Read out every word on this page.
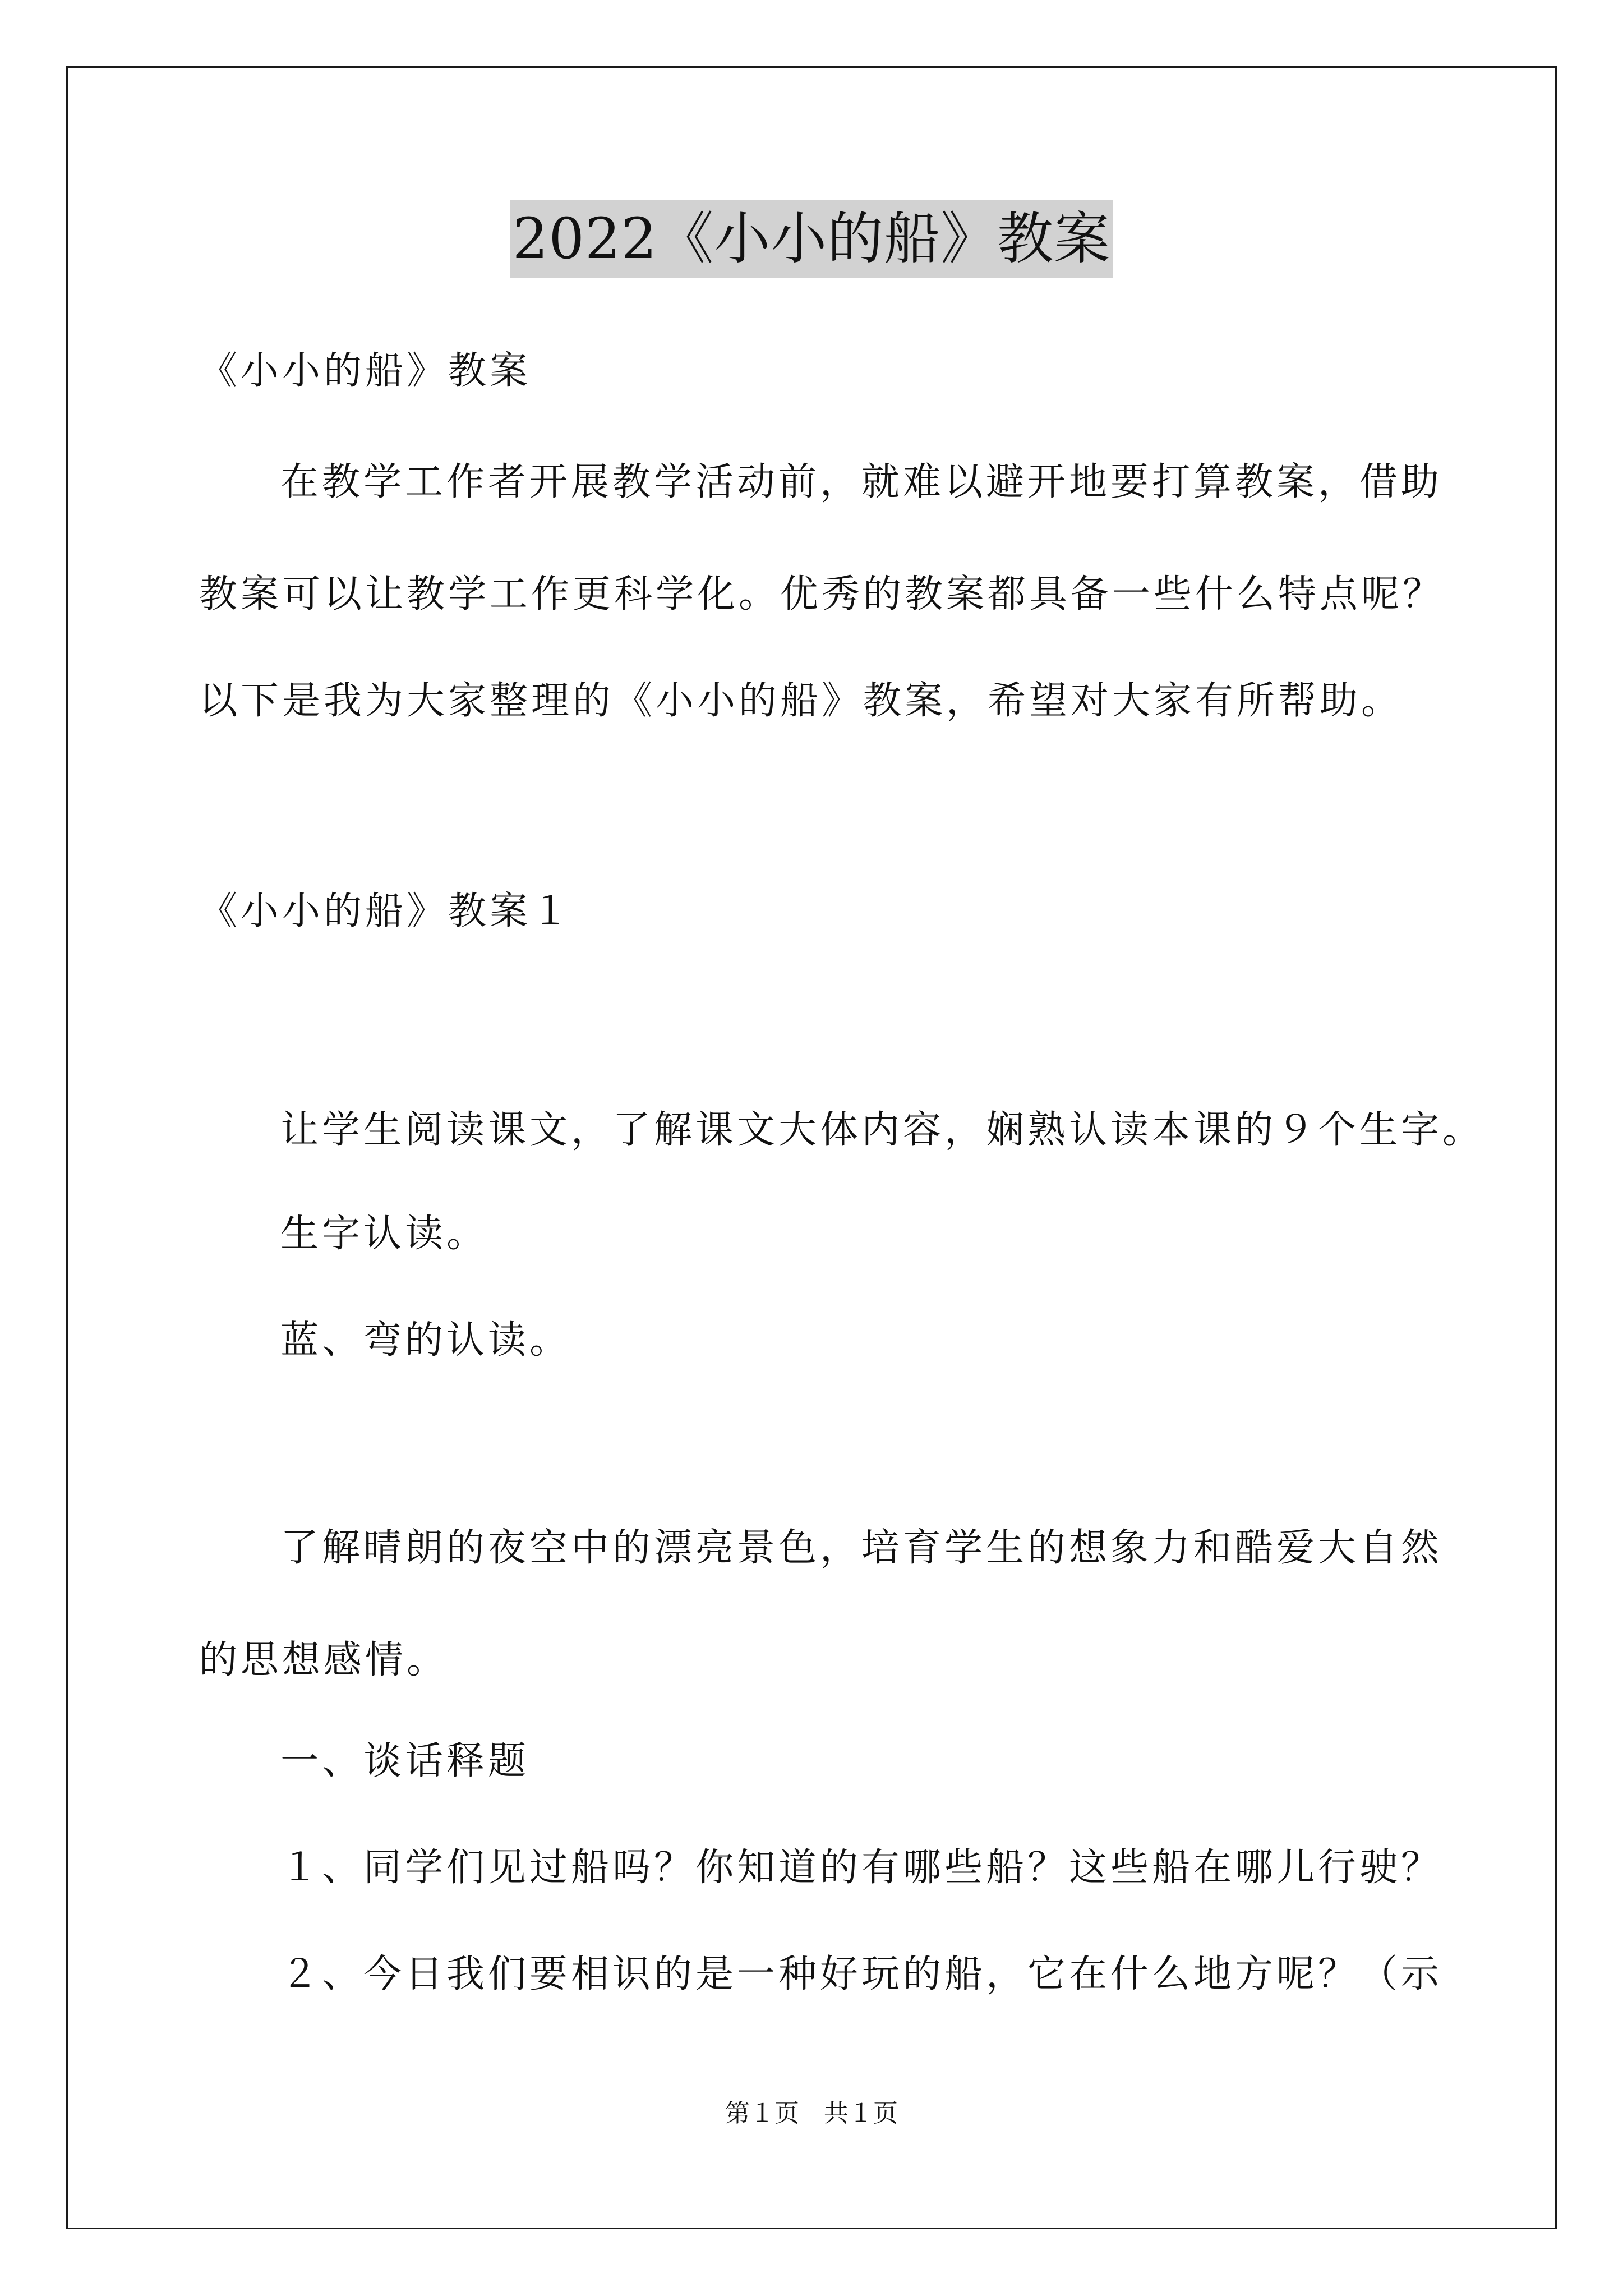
2022《小小的船》教案
《小小的船》教案
在教学工作者开展教学活动前，就难以避开地要打算教案，借助
教案可以让教学工作更科学化。优秀的教案都具备一些什么特点呢？
以下是我为大家整理的《小小的船》教案，希望对大家有所帮助。
《小小的船》教案１
让学生阅读课文，了解课文大体内容，娴熟认读本课的９个生字。
生字认读。
蓝、弯的认读。
了解晴朗的夜空中的漂亮景色，培育学生的想象力和酷爱大自然
的思想感情。
一、谈话释题
１、同学们见过船吗？你知道的有哪些船？这些船在哪儿行驶？
２、今日我们要相识的是一种好玩的船，它在什么地方呢？（示
第１页　共１页
